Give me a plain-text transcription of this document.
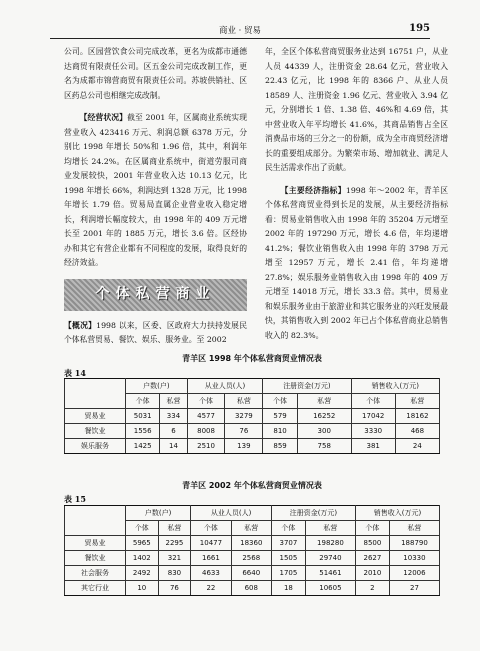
商业 · 贸易	195

公司。区园营饮食公司完成改革，更名为成都市通德达商贸有限责任公司。区五金公司完成改制工作，更名为成都市锦营商贸有限责任公司。苏坡供销社、区区药总公司也相继完成改制。

【经营状况】截至 2001 年，区属商业系统实现营业收入 423416 万元、利润总额 6378 万元，分别比 1998 年增长 50%和 1.96 倍，其中，利润年均增长 24.2%。在区属商业系统中，街道劳服司商业发展较快，2001 年营业收入达 10.13 亿元，比 1998 年增长 66%，利润达到 1328 万元，比 1998 年增长 1.79 倍。贸易局直属企业营业收入稳定增长，利润增长幅度较大，由 1998 年的 409 万元增长至 2001 年的 1885 万元，增长 3.6 倍。区经协办和其它有营企业都有不同程度的发展，取得良好的经济效益。

个体私营商业

【概况】1998 以来，区委、区政府大力扶持发展民个体私营贸易、餐饮、娱乐、服务业。至 2002

年，全区个体私营商贸服务业达到 16751 户，从业人员 44339 人，注册资金 28.64 亿元，营业收入 22.43 亿元，比 1998 年的 8366 户、从业人员 18589 人、注册资金 1.96 亿元、营业收入 3.94 亿元，分别增长 1 倍、1.38 倍、46%和 4.69 倍，其中营业收入年平均增长 41.6%，其商品销售占全区消费品市场的三分之一的份额，成为全市商贸经济增长的重要组成部分。为繁荣市场、增加就业、满足人民生活需求作出了贡献。

【主要经济指标】1998 年～2002 年，青羊区个体私营商贸业得到长足的发展，从主要经济指标看：贸易业销售收入由 1998 年的 35204 万元增至 2002 年的 197290 万元，增长 4.6 倍，年均递增 41.2%；餐饮业销售收入由 1998 年的 3798 万元增至 12957 万元，增长 2.41 倍，年均递增 27.8%；娱乐服务业销售收入由 1998 年的 409 万元增至 14018 万元，增长 33.3 倍。其中，贸易业和娱乐服务业由于旅游业和其它服务业的兴旺发展最快，其销售收入到 2002 年已占个体私营商业总销售收入的 82.3%。

青羊区 1998 年个体私营商贸业情况表
表 14
	户数(户)		从业人员(人)		注册资金(万元)		销售收入(万元)	
	个体	私营	个体	私营	个体	私营	个体	私营
贸易业	5031	334	4577	3279	579	16252	17042	18162
餐饮业	1556	6	8008	76	810	300	3330	468
娱乐服务	1425	14	2510	139	859	758	381	24
青羊区 2002 年个体私营商贸业情况表
表 15
	户数(户)		从业人员(人)		注册资金(万元)		销售收入(万元)	
	个体	私营	个体	私营	个体	私营	个体	私营
贸易业	5965	2295	10477	18360	3707	198280	8500	188790
餐饮业	1402	321	1661	2568	1505	29740	2627	10330
社会服务	2492	830	4633	6640	1705	51461	2010	12006
其它行业	10	76	22	608	18	10605	2	27
